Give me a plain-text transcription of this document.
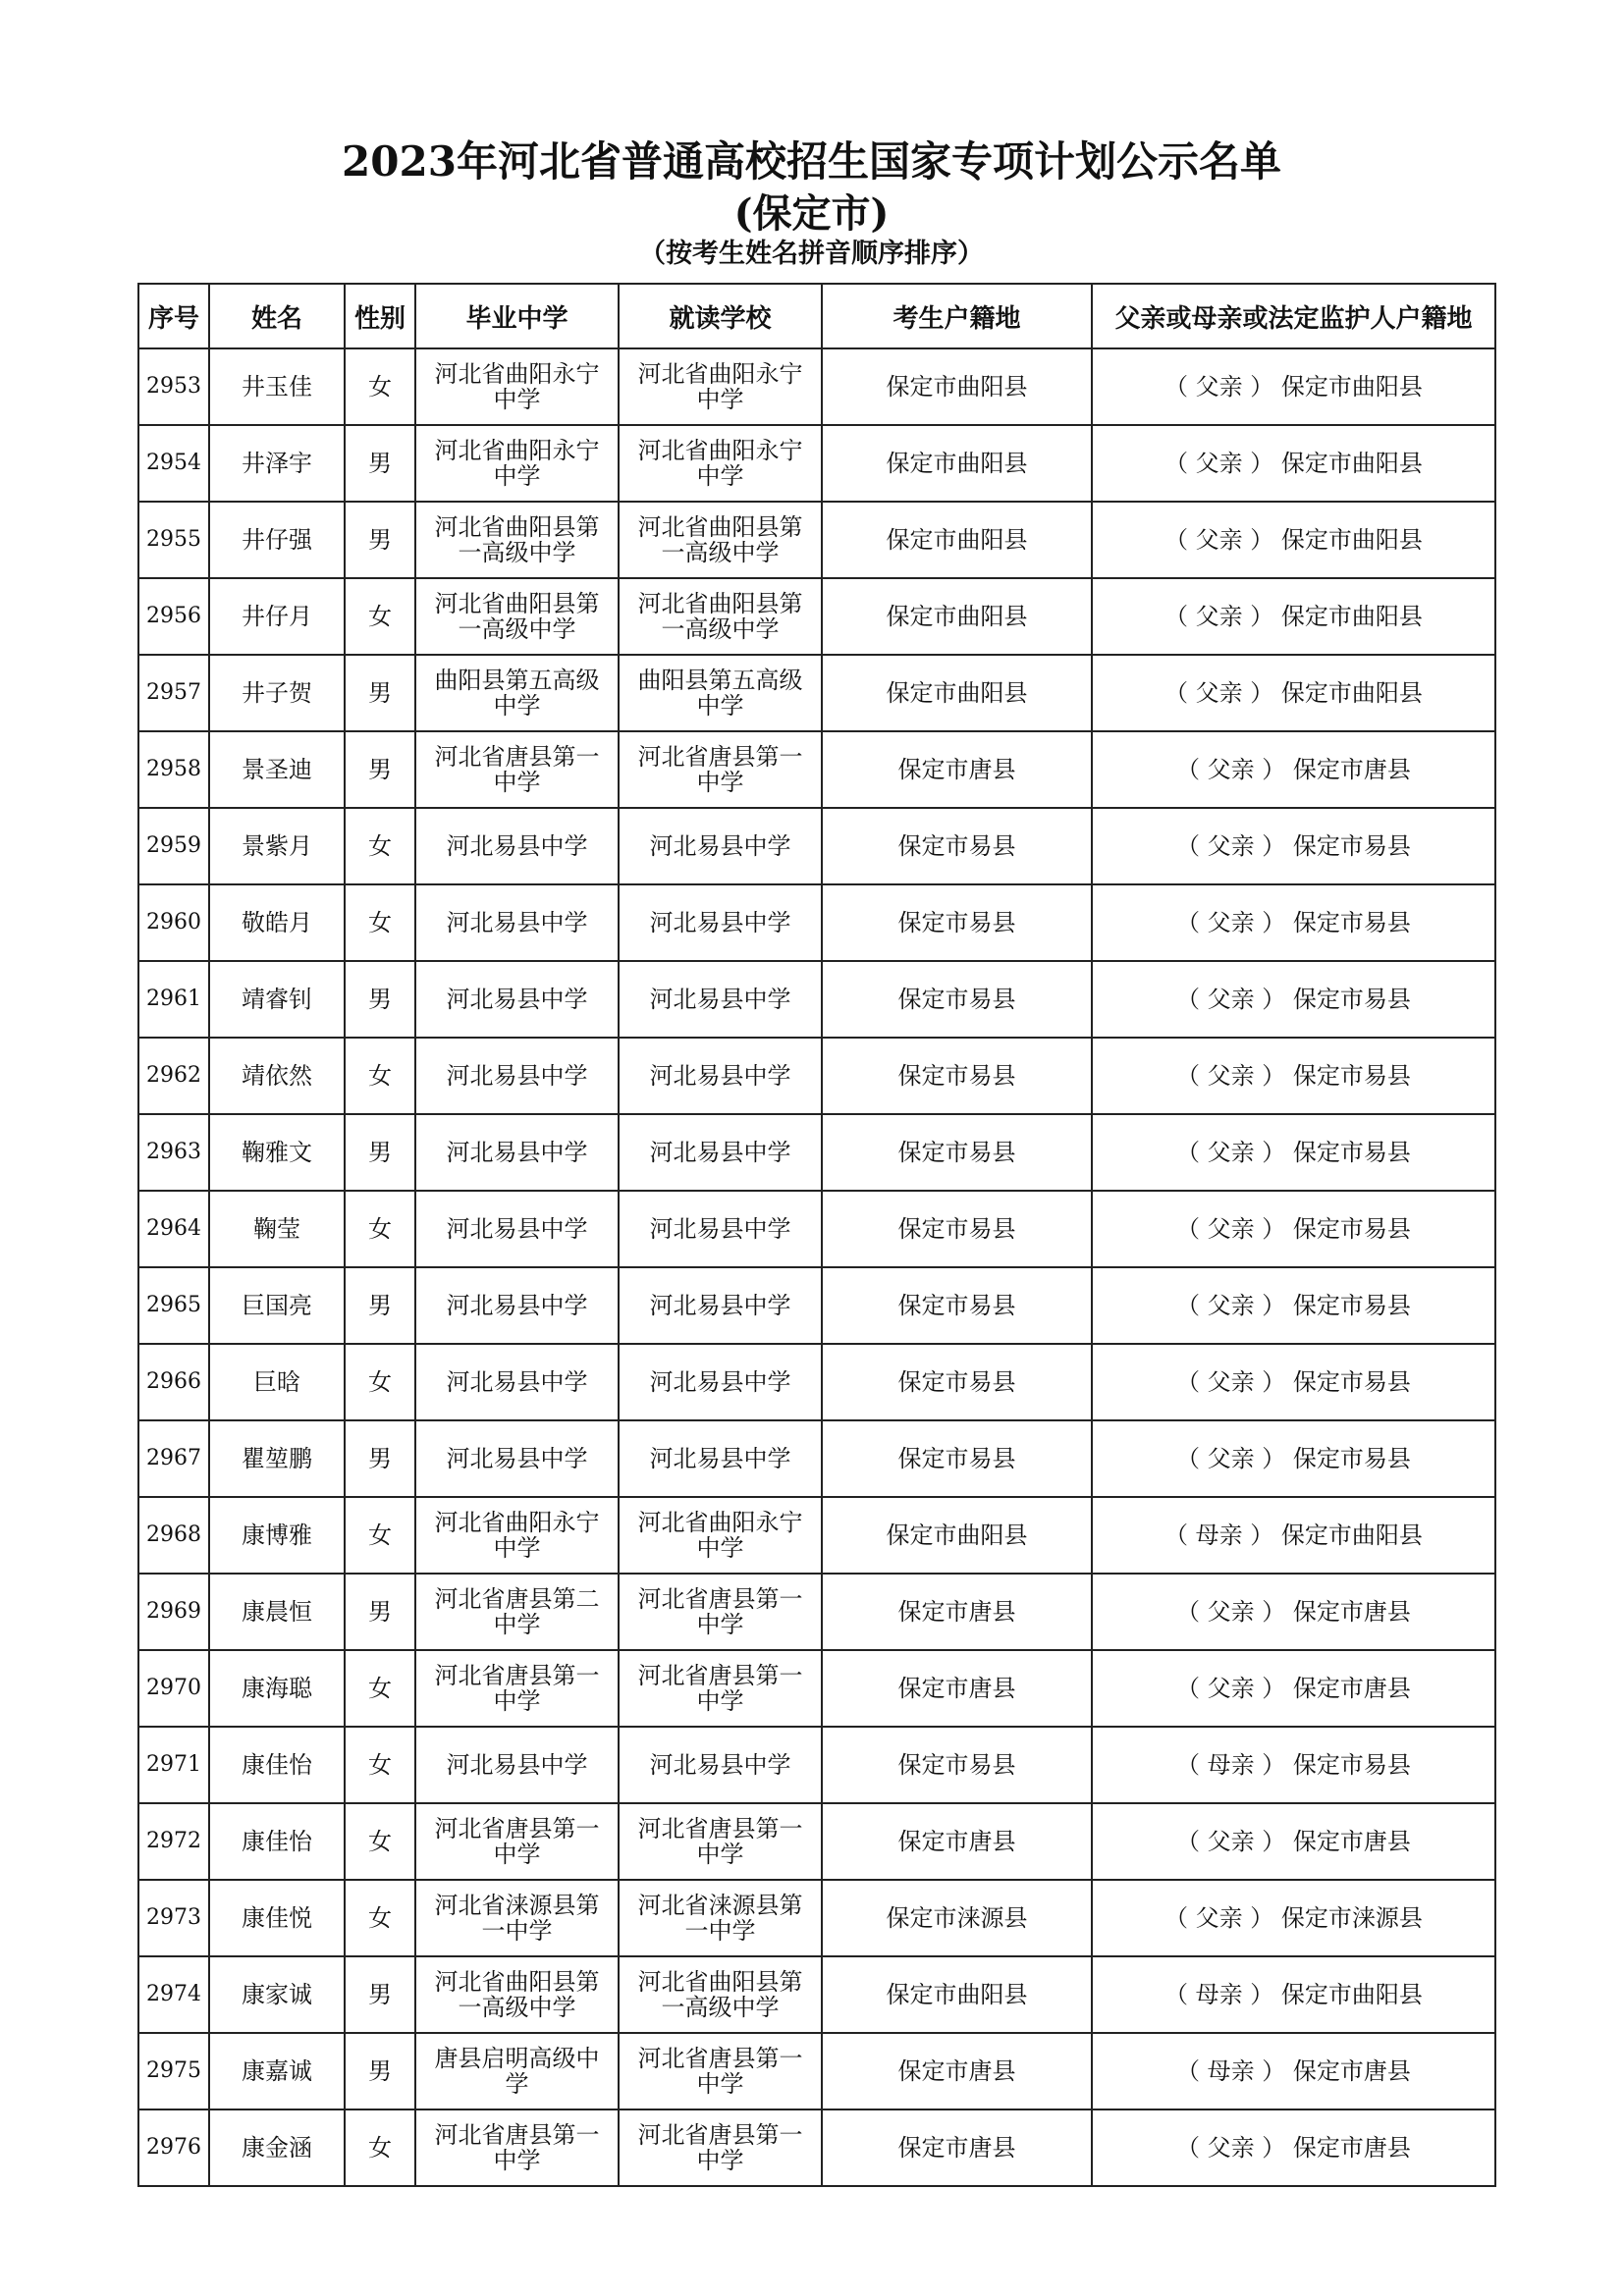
2023年河北省普通高校招生国家专项计划公示名单
(保定市)
（按考生姓名拼音顺序排序）
序号	姓名	性别	毕业中学	就读学校	考生户籍地	父亲或母亲或法定监护人户籍地
2953	井玉佳	女	河北省曲阳永宁中学	河北省曲阳永宁中学	保定市曲阳县	（ 父亲 ） 保定市曲阳县
2954	井泽宇	男	河北省曲阳永宁中学	河北省曲阳永宁中学	保定市曲阳县	（ 父亲 ） 保定市曲阳县
2955	井仔强	男	河北省曲阳县第一高级中学	河北省曲阳县第一高级中学	保定市曲阳县	（ 父亲 ） 保定市曲阳县
2956	井仔月	女	河北省曲阳县第一高级中学	河北省曲阳县第一高级中学	保定市曲阳县	（ 父亲 ） 保定市曲阳县
2957	井子贺	男	曲阳县第五高级中学	曲阳县第五高级中学	保定市曲阳县	（ 父亲 ） 保定市曲阳县
2958	景圣迪	男	河北省唐县第一中学	河北省唐县第一中学	保定市唐县	（ 父亲 ） 保定市唐县
2959	景紫月	女	河北易县中学	河北易县中学	保定市易县	（ 父亲 ） 保定市易县
2960	敬皓月	女	河北易县中学	河北易县中学	保定市易县	（ 父亲 ） 保定市易县
2961	靖睿钊	男	河北易县中学	河北易县中学	保定市易县	（ 父亲 ） 保定市易县
2962	靖依然	女	河北易县中学	河北易县中学	保定市易县	（ 父亲 ） 保定市易县
2963	鞠雅文	男	河北易县中学	河北易县中学	保定市易县	（ 父亲 ） 保定市易县
2964	鞠莹	女	河北易县中学	河北易县中学	保定市易县	（ 父亲 ） 保定市易县
2965	巨国亮	男	河北易县中学	河北易县中学	保定市易县	（ 父亲 ） 保定市易县
2966	巨晗	女	河北易县中学	河北易县中学	保定市易县	（ 父亲 ） 保定市易县
2967	瞿堃鹏	男	河北易县中学	河北易县中学	保定市易县	（ 父亲 ） 保定市易县
2968	康博雅	女	河北省曲阳永宁中学	河北省曲阳永宁中学	保定市曲阳县	（ 母亲 ） 保定市曲阳县
2969	康晨恒	男	河北省唐县第二中学	河北省唐县第一中学	保定市唐县	（ 父亲 ） 保定市唐县
2970	康海聪	女	河北省唐县第一中学	河北省唐县第一中学	保定市唐县	（ 父亲 ） 保定市唐县
2971	康佳怡	女	河北易县中学	河北易县中学	保定市易县	（ 母亲 ） 保定市易县
2972	康佳怡	女	河北省唐县第一中学	河北省唐县第一中学	保定市唐县	（ 父亲 ） 保定市唐县
2973	康佳悦	女	河北省涞源县第一中学	河北省涞源县第一中学	保定市涞源县	（ 父亲 ） 保定市涞源县
2974	康家诚	男	河北省曲阳县第一高级中学	河北省曲阳县第一高级中学	保定市曲阳县	（ 母亲 ） 保定市曲阳县
2975	康嘉诚	男	唐县启明高级中学	河北省唐县第一中学	保定市唐县	（ 母亲 ） 保定市唐县
2976	康金涵	女	河北省唐县第一中学	河北省唐县第一中学	保定市唐县	（ 父亲 ） 保定市唐县
